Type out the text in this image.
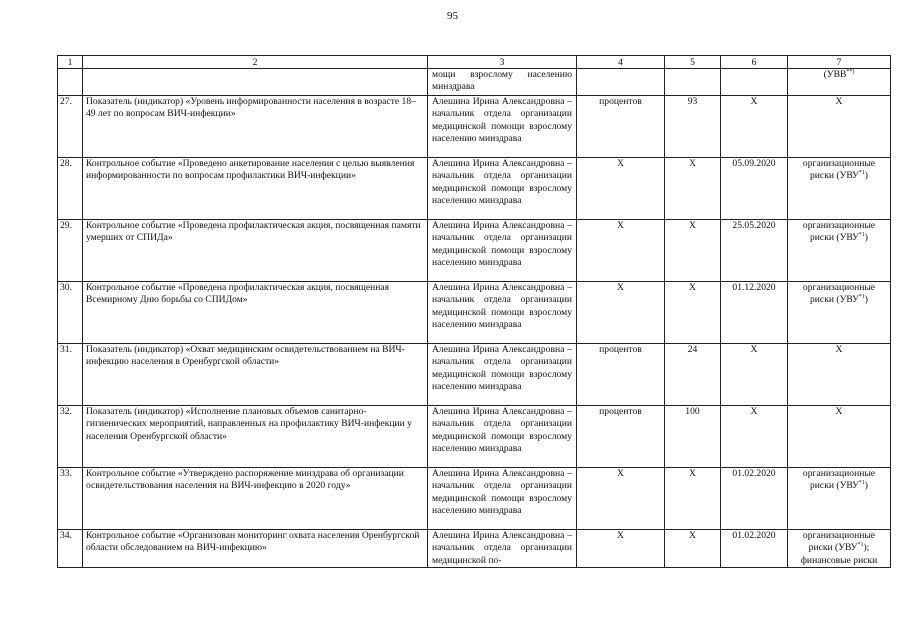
95
1	2	3	4	5	6	7

		мощи взрослому населению минздрава				(УВВ**)
27.	Показатель (индикатор) «Уровень информированности населения в возрасте 18–49 лет по вопросам ВИЧ-инфекции»	Алешина Ирина Александровна – начальник отдела организации медицинской помощи взрослому населению минздрава	процентов	93	X	X
28.	Контрольное событие «Проведено анкетирование населения с целью выявления информированности по вопросам профилактики ВИЧ-инфекции»	Алешина Ирина Александровна – начальник отдела организации медицинской помощи взрослому населению минздрава	X	X	05.09.2020	организационные риски (УВУ$^{*1}$)
29.	Контрольное событие «Проведена профилактическая акция, посвященная памяти умерших от СПИДа»	Алешина Ирина Александровна – начальник отдела организации медицинской помощи взрослому населению минздрава	X	X	25.05.2020	организационные риски (УВУ$^{*1}$)
30.	Контрольное событие «Проведена профилактическая акция, посвященная Всемирному Дню борьбы со СПИДом»	Алешина Ирина Александровна – начальник отдела организации медицинской помощи взрослому населению минздрава	X	X	01.12.2020	организационные риски (УВУ$^{*1}$)
31.	Показатель (индикатор) «Охват медицинским освидетельствованием на ВИЧ-инфекцию населения в Оренбургской области»	Алешина Ирина Александровна – начальник отдела организации медицинской помощи взрослому населению минздрава	процентов	24	X	X
32.	Показатель (индикатор) «Исполнение плановых объемов санитарно-гигиенических мероприятий, направленных на профилактику ВИЧ-инфекции у населения Оренбургской области»	Алешина Ирина Александровна – начальник отдела организации медицинской помощи взрослому населению минздрава	процентов	100	X	X
33.	Контрольное событие «Утверждено распоряжение минздрава об организации освидетельствования населения на ВИЧ-инфекцию в 2020 году»	Алешина Ирина Александровна – начальник отдела организации медицинской помощи взрослому населению минздрава	X	X	01.02.2020	организационные риски (УВУ$^{*1}$)
34.	Контрольное событие «Организован мониторинг охвата населения Оренбургской области обследованием на ВИЧ-инфекцию»	Алешина Ирина Александровна – начальник отдела организации медицинской по-	X	X	01.02.2020	организационные риски (УВУ$^{*1}$); финансовые риски
